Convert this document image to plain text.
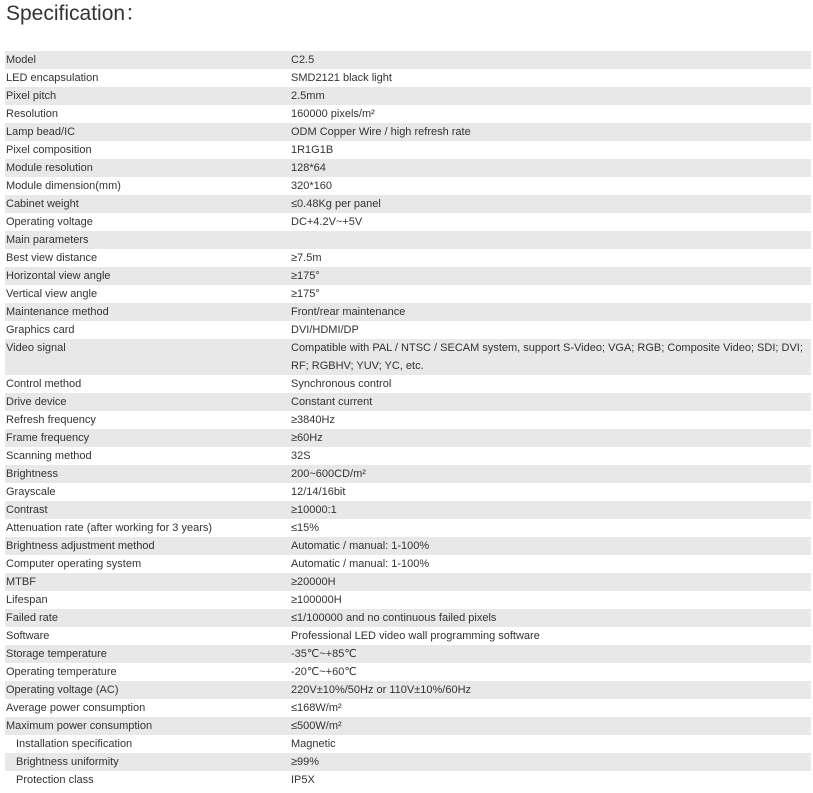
Specification：
Model	C2.5
LED encapsulation	SMD2121 black light
Pixel pitch	2.5mm
Resolution	160000 pixels/m²
Lamp bead/IC	ODM Copper Wire / high refresh rate
Pixel composition	1R1G1B
Module resolution	128*64
Module dimension(mm)	320*160
Cabinet weight	≤0.48Kg per panel
Operating voltage	DC+4.2V~+5V
Main parameters	
Best view distance	≥7.5m
Horizontal view angle	≥175°
Vertical view angle	≥175°
Maintenance method	Front/rear maintenance
Graphics card	DVI/HDMI/DP
Video signal	Compatible with PAL / NTSC / SECAM system, support S-Video; VGA; RGB; Composite Video; SDI; DVI; RF; RGBHV; YUV; YC, etc.
Control method	Synchronous control
Drive device	Constant current
Refresh frequency	≥3840Hz
Frame frequency	≥60Hz
Scanning method	32S
Brightness	200~600CD/m²
Grayscale	12/14/16bit
Contrast	≥10000:1
Attenuation rate (after working for 3 years)	≤15%
Brightness adjustment method	Automatic / manual: 1-100%
Computer operating system	Automatic / manual: 1-100%
MTBF	≥20000H
Lifespan	≥100000H
Failed rate	≤1/100000 and no continuous failed pixels
Software	Professional LED video wall programming software
Storage temperature	-35℃~+85℃
Operating temperature	-20℃~+60℃
Operating voltage (AC)	220V±10%/50Hz or 110V±10%/60Hz
Average power consumption	≤168W/m²
Maximum power consumption	≤500W/m²
Installation specification	Magnetic
Brightness uniformity	≥99%
Protection class	IP5X
